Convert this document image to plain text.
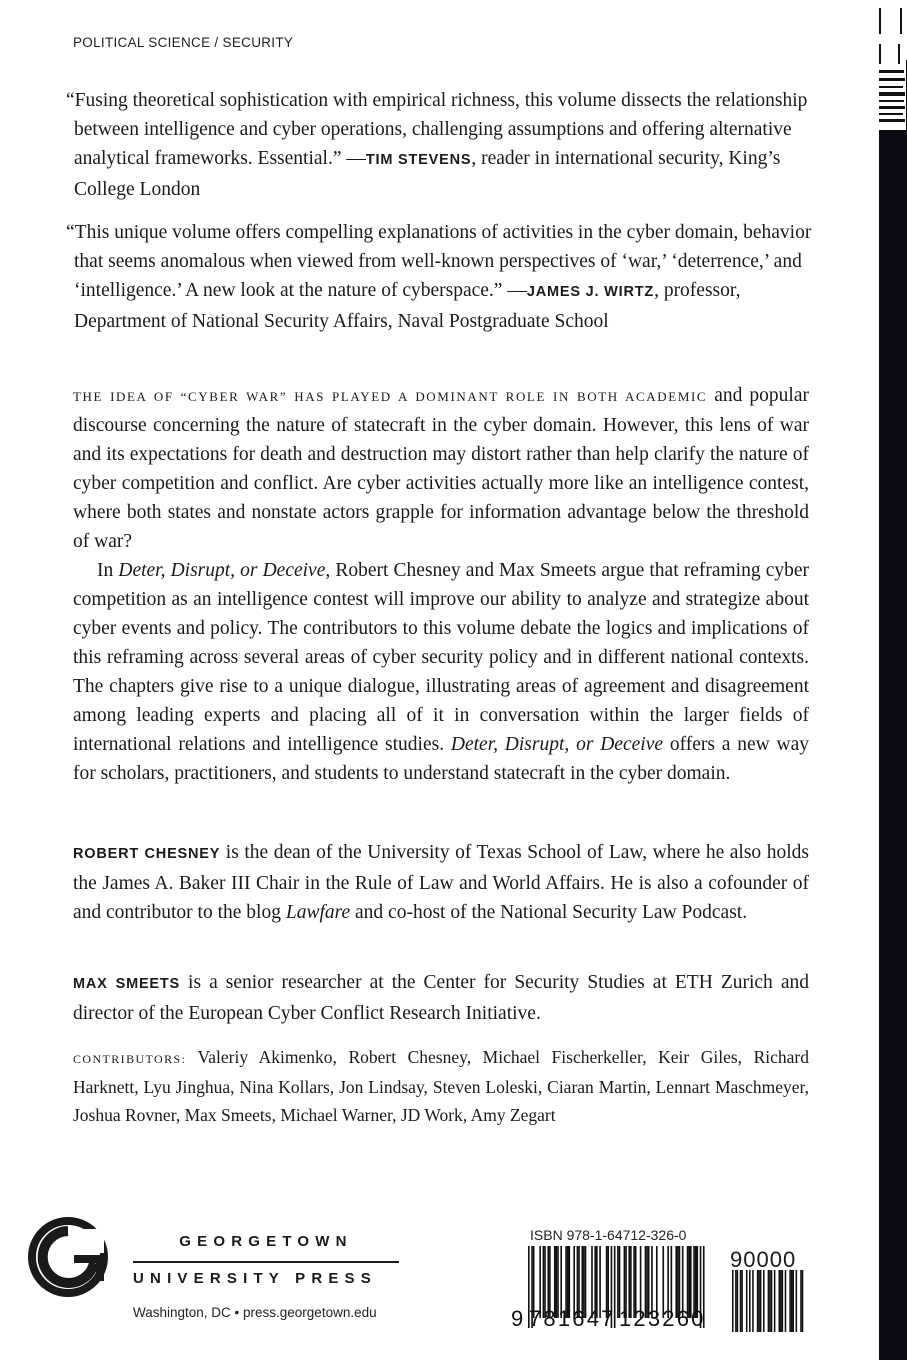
POLITICAL SCIENCE / SECURITY

“Fusing theoretical sophistication with empirical richness, this volume dissects the relationship between intelligence and cyber operations, challenging assumptions and offering alternative analytical frameworks. Essential.” —TIM STEVENS, reader in international security, King’s College London

“This unique volume offers compelling explanations of activities in the cyber domain, behavior that seems anomalous when viewed from well-known perspectives of ‘war,’ ‘deterrence,’ and ‘intelligence.’ A new look at the nature of cyberspace.” —JAMES J. WIRTZ, professor, Department of National Security Affairs, Naval Postgraduate School

THE IDEA OF “CYBER WAR” HAS PLAYED A DOMINANT ROLE IN BOTH ACADEMIC and popular discourse concerning the nature of statecraft in the cyber domain. However, this lens of war and its expectations for death and destruction may distort rather than help clarify the nature of cyber competition and conflict. Are cyber activities actually more like an intelligence contest, where both states and nonstate actors grapple for information advantage below the threshold of war?

In Deter, Disrupt, or Deceive, Robert Chesney and Max Smeets argue that reframing cyber competition as an intelligence contest will improve our ability to analyze and strategize about cyber events and policy. The contributors to this volume debate the logics and implications of this reframing across several areas of cyber security policy and in different national contexts. The chapters give rise to a unique dialogue, illustrating areas of agreement and disagreement among leading experts and placing all of it in conversation within the larger fields of international relations and intelligence studies. Deter, Disrupt, or Deceive offers a new way for scholars, practitioners, and students to understand statecraft in the cyber domain.

ROBERT CHESNEY is the dean of the University of Texas School of Law, where he also holds the James A. Baker III Chair in the Rule of Law and World Affairs. He is also a cofounder of and contributor to the blog Lawfare and co-host of the National Security Law Podcast.
MAX SMEETS is a senior researcher at the Center for Security Studies at ETH Zurich and director of the European Cyber Conflict Research Initiative.
CONTRIBUTORS: Valeriy Akimenko, Robert Chesney, Michael Fischerkeller, Keir Giles, Richard Harknett, Lyu Jinghua, Nina Kollars, Jon Lindsay, Steven Loleski, Ciaran Martin, Lennart Maschmeyer, Joshua Rovner, Max Smeets, Michael Warner, JD Work, Amy Zegart
GEORGETOWN
UNIVERSITY PRESS
Washington, DC • press.georgetown.edu
ISBN 978-1-64712-326-0
9 781647 123260
90000
